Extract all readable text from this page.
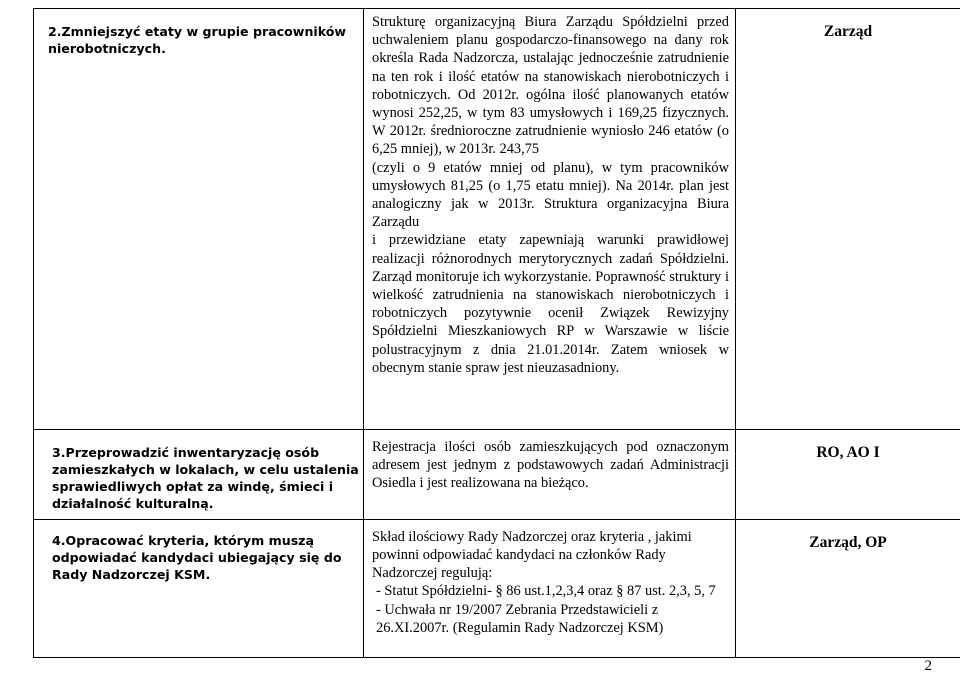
2.Zmniejszyć etaty w grupie pracowników nierobotniczych.	Strukturę organizacyjną Biura Zarządu Spółdzielni przed uchwaleniem planu gospodarczo-finansowego na dany rok określa Rada Nadzorcza, ustalając jednocześnie zatrudnienie na ten rok i ilość etatów na stanowiskach nierobotniczych i robotniczych. Od 2012r. ogólna ilość planowanych etatów wynosi 252,25, w tym 83 umysłowych i 169,25 fizycznych. W 2012r. średnioroczne zatrudnienie wyniosło 246 etatów (o 6,25 mniej), w 2013r. 243,75

(czyli o 9 etatów mniej od planu), w tym pracowników umysłowych 81,25 (o 1,75 etatu mniej). Na 2014r. plan jest analogiczny jak w 2013r. Struktura organizacyjna Biura Zarządu

i przewidziane etaty zapewniają warunki prawidłowej realizacji różnorodnych merytorycznych zadań Spółdzielni. Zarząd monitoruje ich wykorzystanie. Poprawność struktury i wielkość zatrudnienia na stanowiskach nierobotniczych i robotniczych pozytywnie ocenił Związek Rewizyjny Spółdzielni Mieszkaniowych RP w Warszawie w liście polustracyjnym z dnia 21.01.2014r. Zatem wniosek w obecnym stanie spraw jest nieuzasadniony.	Zarząd

3.Przeprowadzić inwentaryzację osób zamieszkałych w lokalach, w celu ustalenia sprawiedliwych opłat za windę, śmieci i działalność kulturalną.	Rejestracja ilości osób zamieszkujących pod oznaczonym adresem jest jednym z podstawowych zadań Administracji Osiedla i jest realizowana na bieżąco.	RO, AO I

4.Opracować kryteria, którym muszą odpowiadać kandydaci ubiegający się do Rady Nadzorczej KSM.	Skład ilościowy Rady Nadzorczej oraz kryteria , jakimi powinni odpowiadać kandydaci na członków Rady Nadzorczej regulują:

- Statut Spółdzielni- § 86 ust.1,2,3,4 oraz § 87 ust. 2,3, 5, 7

- Uchwała nr 19/2007 Zebrania Przedstawicieli z 26.XI.2007r. (Regulamin Rady Nadzorczej KSM)	Zarząd, OP
2
